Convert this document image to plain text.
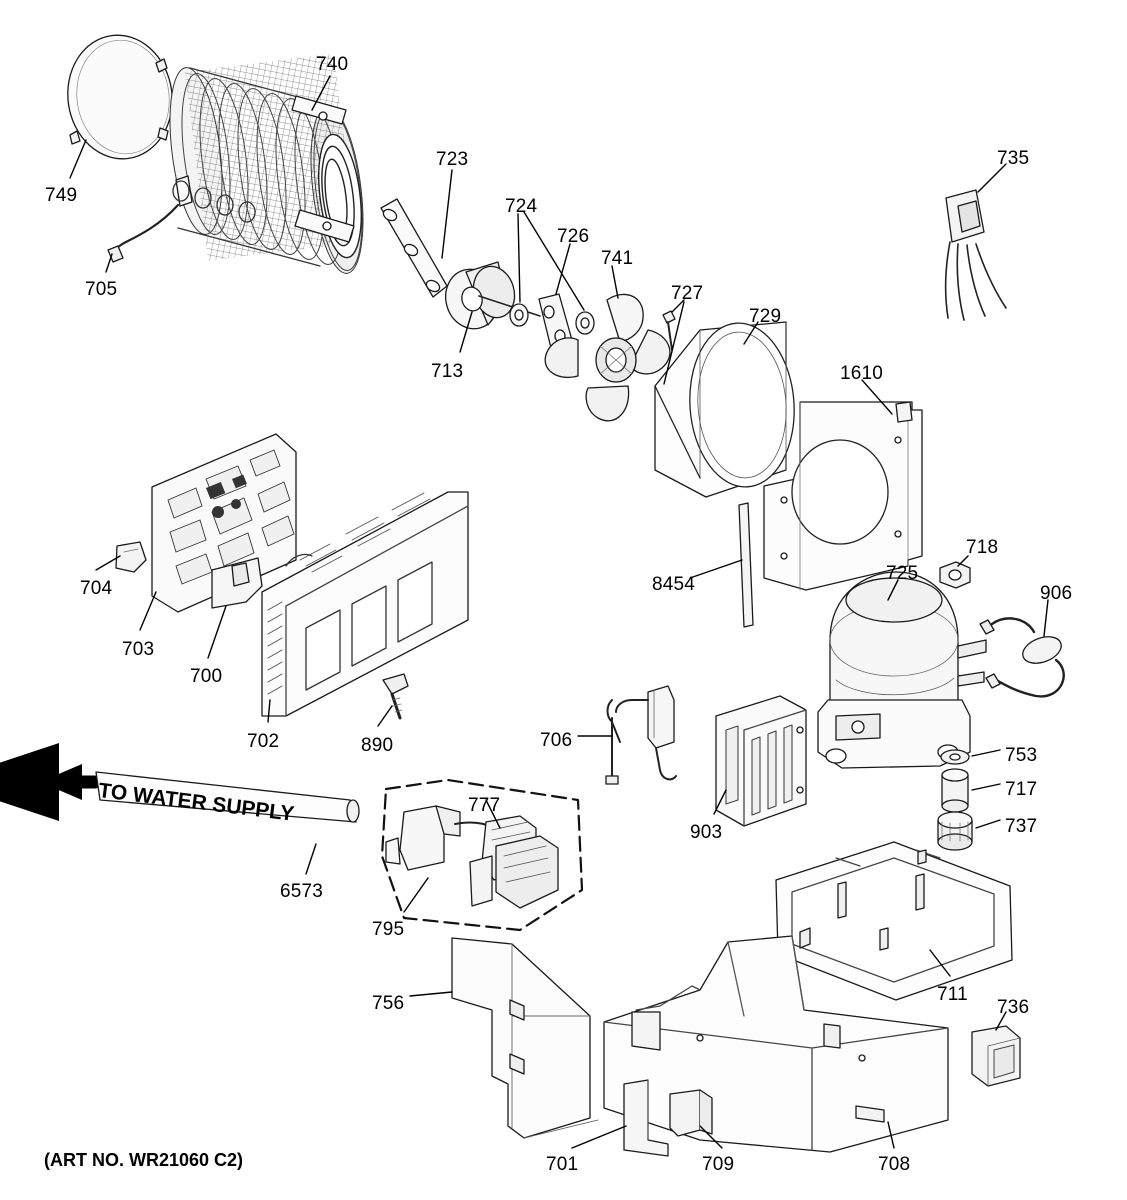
740
749
705
723
724
726
741
713
727
729
735
1610
8454
718
725
906
704
703
700
702	890	706
903
753
717
737
777
6573
795
711
736
756
701	709	708
TO WATER SUPPLY
(ART NO. WR21060 C2)
